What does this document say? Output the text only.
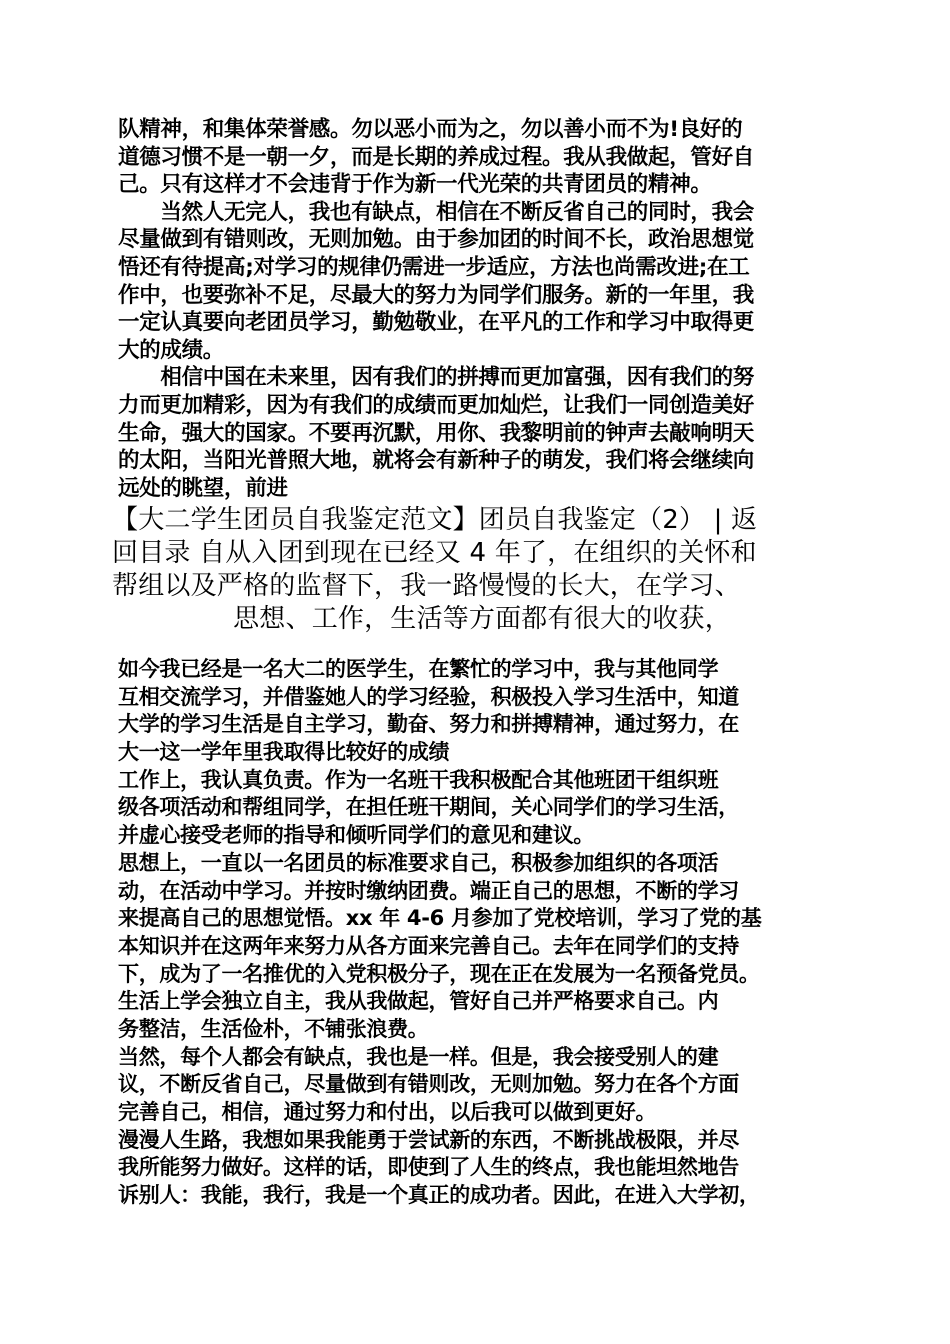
队精神，和集体荣誉感。勿以恶小而为之，勿以善小而不为!良好的
道德习惯不是一朝一夕，而是长期的养成过程。我从我做起，管好自
己。只有这样才不会违背于作为新一代光荣的共青团员的精神。
　　当然人无完人，我也有缺点，相信在不断反省自己的同时，我会
尽量做到有错则改，无则加勉。由于参加团的时间不长，政治思想觉
悟还有待提高;对学习的规律仍需进一步适应，方法也尚需改进;在工
作中，也要弥补不足，尽最大的努力为同学们服务。新的一年里，我
一定认真要向老团员学习，勤勉敬业，在平凡的工作和学习中取得更
大的成绩。
　　相信中国在未来里，因有我们的拼搏而更加富强，因有我们的努
力而更加精彩，因为有我们的成绩而更加灿烂，让我们一同创造美好
生命，强大的国家。不要再沉默，用你、我黎明前的钟声去敲响明天
的太阳，当阳光普照大地，就将会有新种子的萌发，我们将会继续向
远处的眺望，前进
【大二学生团员自我鉴定范文】团员自我鉴定（2） | 返
回目录 自从入团到现在已经又 4 年了，在组织的关怀和
帮组以及严格的监督下，我一路慢慢的长大，在学习、
思想、工作，生活等方面都有很大的收获，
如今我已经是一名大二的医学生，在繁忙的学习中，我与其他同学
互相交流学习，并借鉴她人的学习经验，积极投入学习生活中，知道
大学的学习生活是自主学习，勤奋、努力和拼搏精神，通过努力，在
大一这一学年里我取得比较好的成绩
工作上，我认真负责。作为一名班干我积极配合其他班团干组织班
级各项活动和帮组同学，在担任班干期间，关心同学们的学习生活，
并虚心接受老师的指导和倾听同学们的意见和建议。
思想上，一直以一名团员的标准要求自己，积极参加组织的各项活
动，在活动中学习。并按时缴纳团费。端正自己的思想，不断的学习
来提高自己的思想觉悟。xx 年 4-6 月参加了党校培训，学习了党的基
本知识并在这两年来努力从各方面来完善自己。去年在同学们的支持
下，成为了一名推优的入党积极分子，现在正在发展为一名预备党员。
生活上学会独立自主，我从我做起，管好自己并严格要求自己。内
务整洁，生活俭朴，不铺张浪费。
当然，每个人都会有缺点，我也是一样。但是，我会接受别人的建
议，不断反省自己，尽量做到有错则改，无则加勉。努力在各个方面
完善自己，相信，通过努力和付出，以后我可以做到更好。
漫漫人生路，我想如果我能勇于尝试新的东西，不断挑战极限，并尽
我所能努力做好。这样的话，即使到了人生的终点，我也能坦然地告
诉别人：我能，我行，我是一个真正的成功者。因此，在进入大学初，
